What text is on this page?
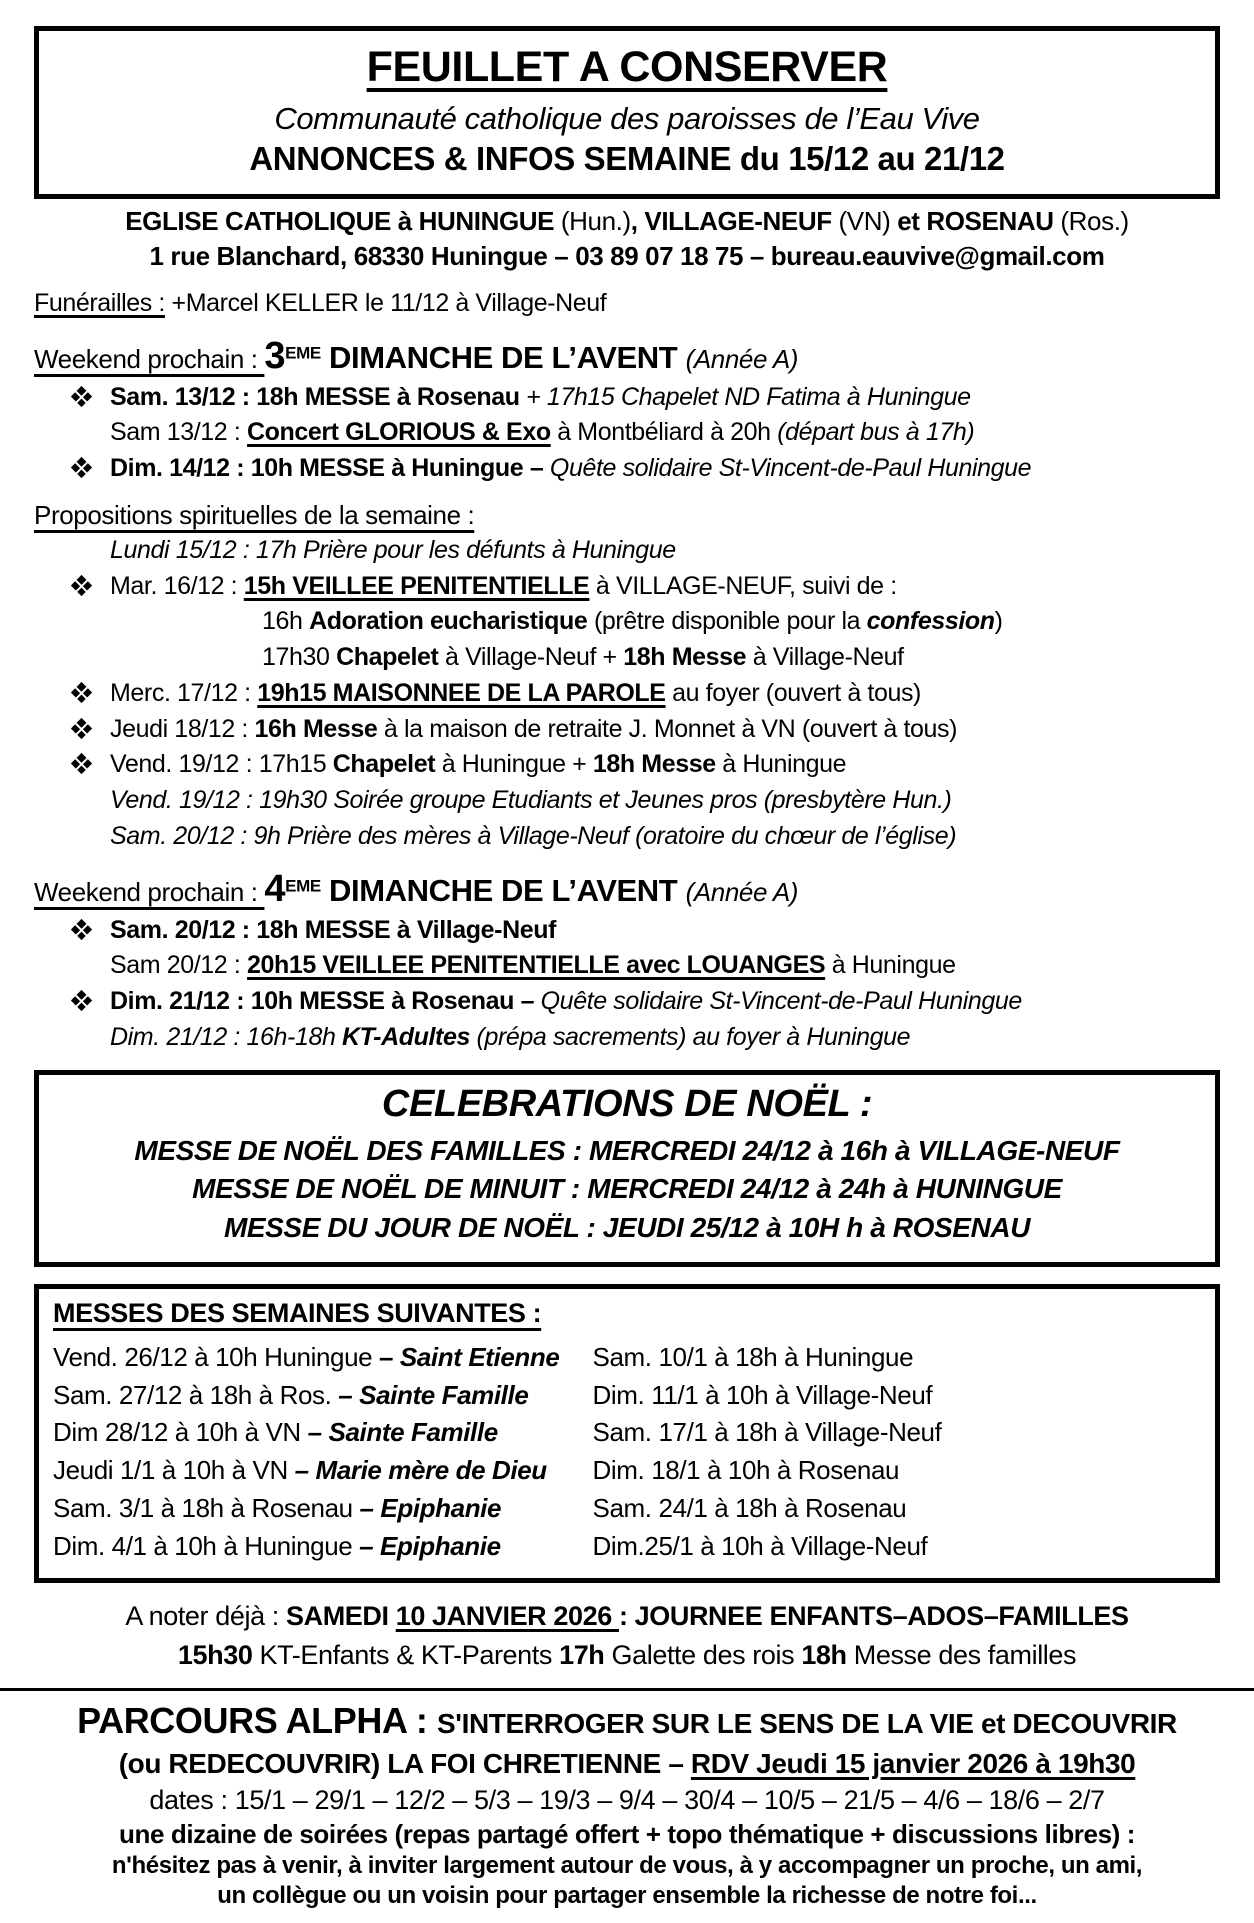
FEUILLET A CONSERVER
Communauté catholique des paroisses de l’Eau Vive
ANNONCES & INFOS SEMAINE du 15/12 au 21/12
EGLISE CATHOLIQUE à HUNINGUE (Hun.), VILLAGE-NEUF (VN) et ROSENAU (Ros.)
1 rue Blanchard, 68330 Huningue – 03 89 07 18 75 – bureau.eauvive@gmail.com
Funérailles : +Marcel KELLER le 11/12 à Village-Neuf
Weekend prochain : 3EME DIMANCHE DE L’AVENT (Année A)
Sam. 13/12 : 18h MESSE à Rosenau + 17h15 Chapelet ND Fatima à Huningue
Sam 13/12 : Concert GLORIOUS & Exo à Montbéliard à 20h (départ bus à 17h)
Dim. 14/12 : 10h MESSE à Huningue – Quête solidaire St-Vincent-de-Paul Huningue
Propositions spirituelles de la semaine :
Lundi 15/12 : 17h Prière pour les défunts à Huningue
Mar. 16/12 : 15h VEILLEE PENITENTIELLE à VILLAGE-NEUF, suivi de :
16h Adoration eucharistique (prêtre disponible pour la confession)
17h30 Chapelet à Village-Neuf + 18h Messe à Village-Neuf
Merc. 17/12 : 19h15 MAISONNEE DE LA PAROLE au foyer (ouvert à tous)
Jeudi 18/12 : 16h Messe à la maison de retraite J. Monnet à VN (ouvert à tous)
Vend. 19/12 : 17h15 Chapelet à Huningue + 18h Messe à Huningue
Vend. 19/12 : 19h30 Soirée groupe Etudiants et Jeunes pros (presbytère Hun.)
Sam. 20/12 : 9h Prière des mères à Village-Neuf (oratoire du chœur de l’église)
Weekend prochain : 4EME DIMANCHE DE L’AVENT (Année A)
Sam. 20/12 : 18h MESSE à Village-Neuf
Sam 20/12 : 20h15 VEILLEE PENITENTIELLE avec LOUANGES à Huningue
Dim. 21/12 : 10h MESSE à Rosenau – Quête solidaire St-Vincent-de-Paul Huningue
Dim. 21/12 : 16h-18h KT-Adultes (prépa sacrements) au foyer à Huningue
CELEBRATIONS DE NOËL :
MESSE DE NOËL DES FAMILLES : MERCREDI 24/12 à 16h à VILLAGE-NEUF
MESSE DE NOËL DE MINUIT : MERCREDI 24/12 à 24h à HUNINGUE
MESSE DU JOUR DE NOËL : JEUDI 25/12 à 10H h à ROSENAU
MESSES DES SEMAINES SUIVANTES :
Vend. 26/12 à 10h Huningue – Saint Etienne
Sam. 27/12 à 18h à Ros. – Sainte Famille
Dim 28/12 à 10h à VN – Sainte Famille
Jeudi 1/1 à 10h à VN – Marie mère de Dieu
Sam. 3/1 à 18h à Rosenau – Epiphanie
Dim. 4/1 à 10h à Huningue – Epiphanie
Sam. 10/1 à 18h à Huningue
Dim. 11/1 à 10h à Village-Neuf
Sam. 17/1 à 18h à Village-Neuf
Dim. 18/1 à 10h à Rosenau
Sam. 24/1 à 18h à Rosenau
Dim.25/1 à 10h à Village-Neuf
A noter déjà : SAMEDI 10 JANVIER 2026 : JOURNEE ENFANTS–ADOS–FAMILLES
15h30 KT-Enfants & KT-Parents 17h Galette des rois 18h Messe des familles
PARCOURS ALPHA : S'INTERROGER SUR LE SENS DE LA VIE et DECOUVRIR
(ou REDECOUVRIR) LA FOI CHRETIENNE – RDV Jeudi 15 janvier 2026 à 19h30
dates : 15/1 – 29/1 – 12/2 – 5/3 – 19/3 – 9/4 – 30/4 – 10/5 – 21/5 – 4/6 – 18/6 – 2/7
une dizaine de soirées (repas partagé offert + topo thématique + discussions libres) :
n'hésitez pas à venir, à inviter largement autour de vous, à y accompagner un proche, un ami,
un collègue ou un voisin pour partager ensemble la richesse de notre foi...
